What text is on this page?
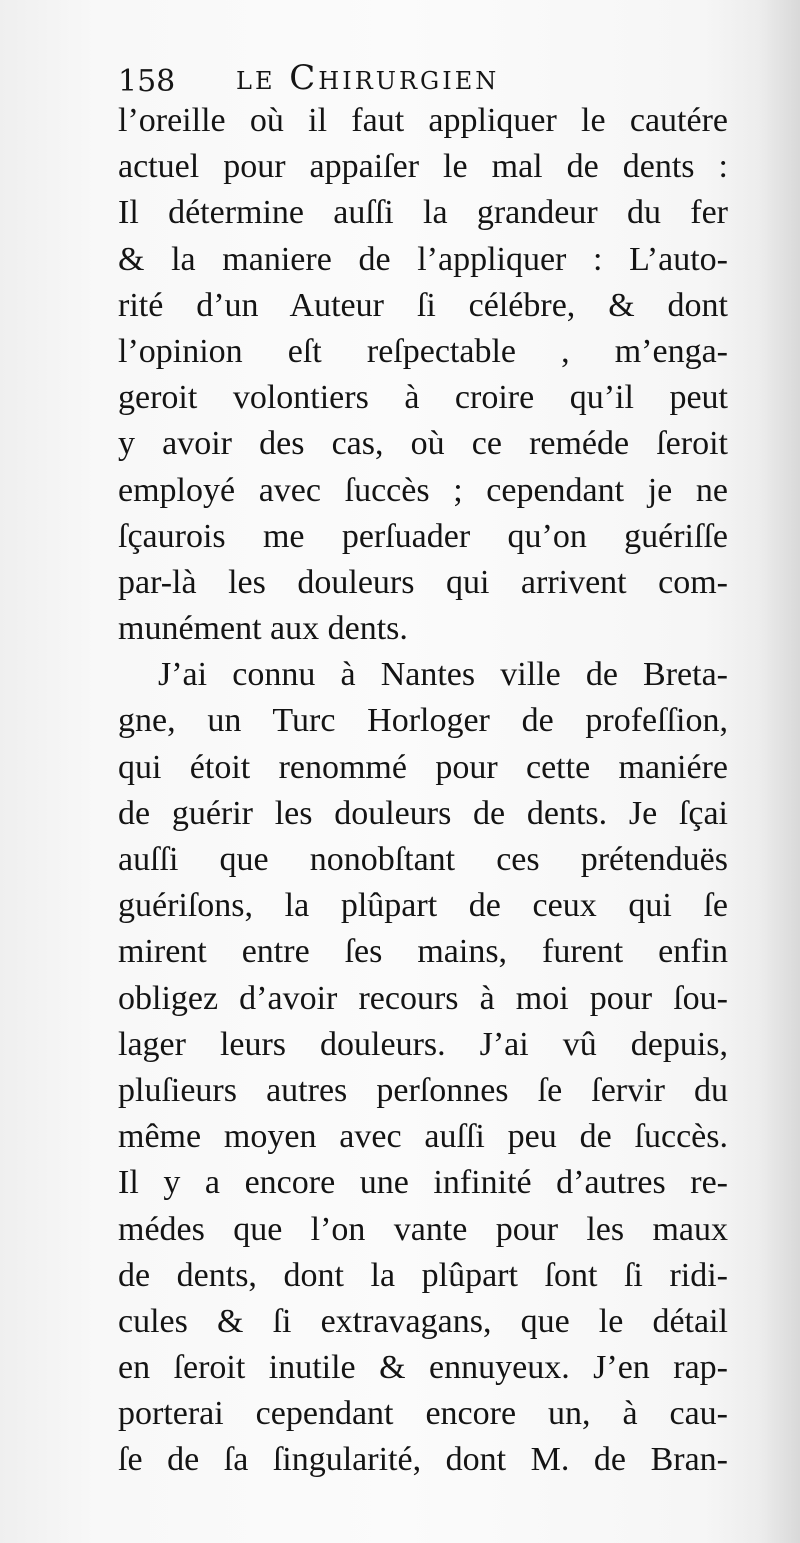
158 le Chirurgien
l’oreille où il faut appliquer le cautére
actuel pour appaiſer le mal de dents :
Il détermine auſſi la grandeur du fer
& la maniere de l’appliquer : L’auto-
rité d’un Auteur ſi célébre, & dont
l’opinion eſt reſpectable , m’enga-
geroit volontiers à croire qu’il peut
y avoir des cas, où ce reméde ſeroit
employé avec ſuccès ; cependant je ne
ſçaurois me perſuader qu’on guériſſe
par-là les douleurs qui arrivent com-
munément aux dents.
J’ai connu à Nantes ville de Breta-
gne, un Turc Horloger de profeſſion,
qui étoit renommé pour cette maniére
de guérir les douleurs de dents. Je ſçai
auſſi que nonobſtant ces prétenduës
guériſons, la plûpart de ceux qui ſe
mirent entre ſes mains, furent enfin
obligez d’avoir recours à moi pour ſou-
lager leurs douleurs. J’ai vû depuis,
pluſieurs autres perſonnes ſe ſervir du
même moyen avec auſſi peu de ſuccès.
Il y a encore une infinité d’autres re-
médes que l’on vante pour les maux
de dents, dont la plûpart ſont ſi ridi-
cules & ſi extravagans, que le détail
en ſeroit inutile & ennuyeux. J’en rap-
porterai cependant encore un, à cau-
ſe de ſa ſingularité, dont M. de Bran-
